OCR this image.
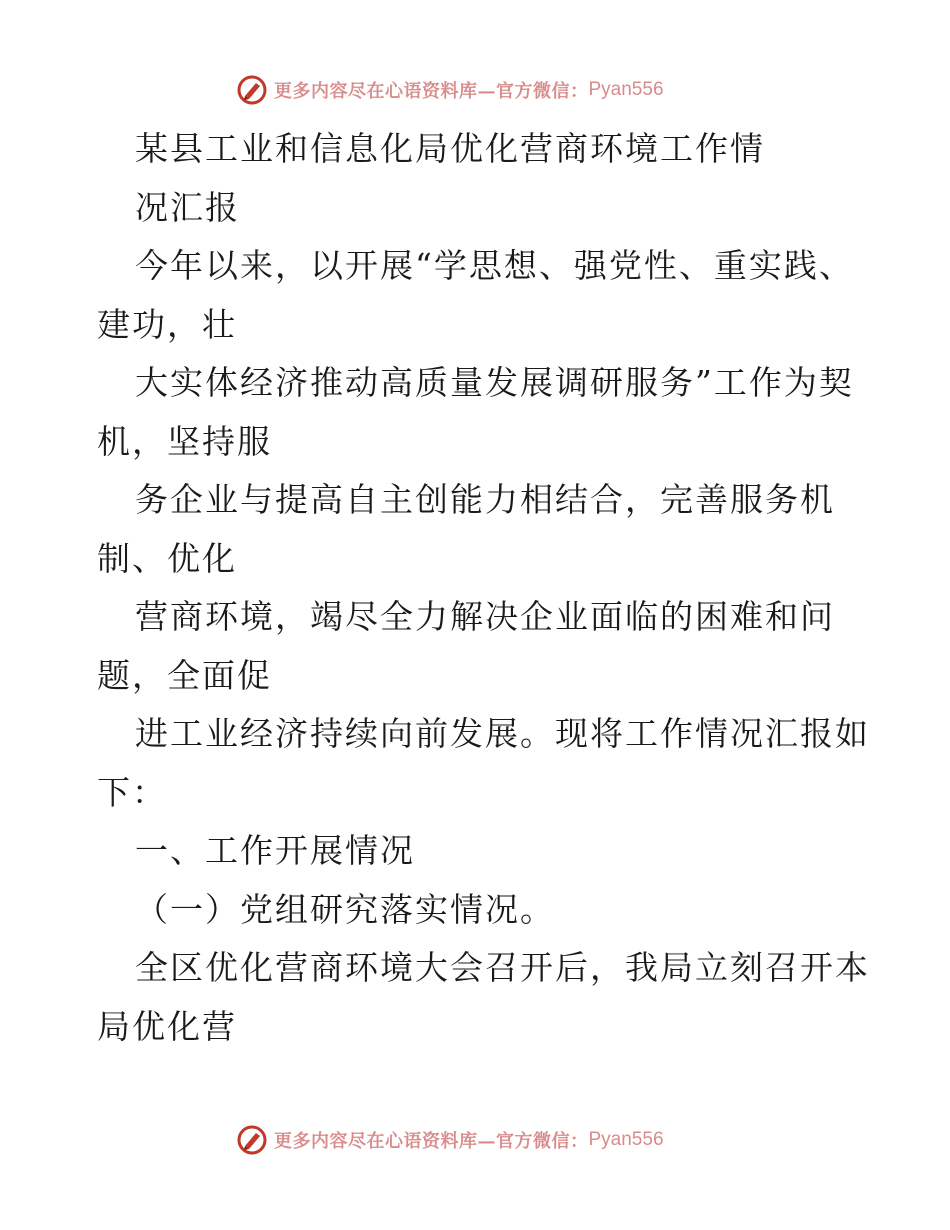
更多内容尽在心语资料库—官方微信： Pyan556
某县工业和信息化局优化营商环境工作情
况汇报
今年以来，以开展“学思想、强党性、重实践、
建功，壮
大实体经济推动高质量发展调研服务”工作为契
机，坚持服
务企业与提高自主创能力相结合，完善服务机
制、优化
营商环境，竭尽全力解决企业面临的困难和问
题，全面促
进工业经济持续向前发展。现将工作情况汇报如
下：
一、工作开展情况
（一）党组研究落实情况。
全区优化营商环境大会召开后，我局立刻召开本
局优化营
更多内容尽在心语资料库—官方微信： Pyan556
